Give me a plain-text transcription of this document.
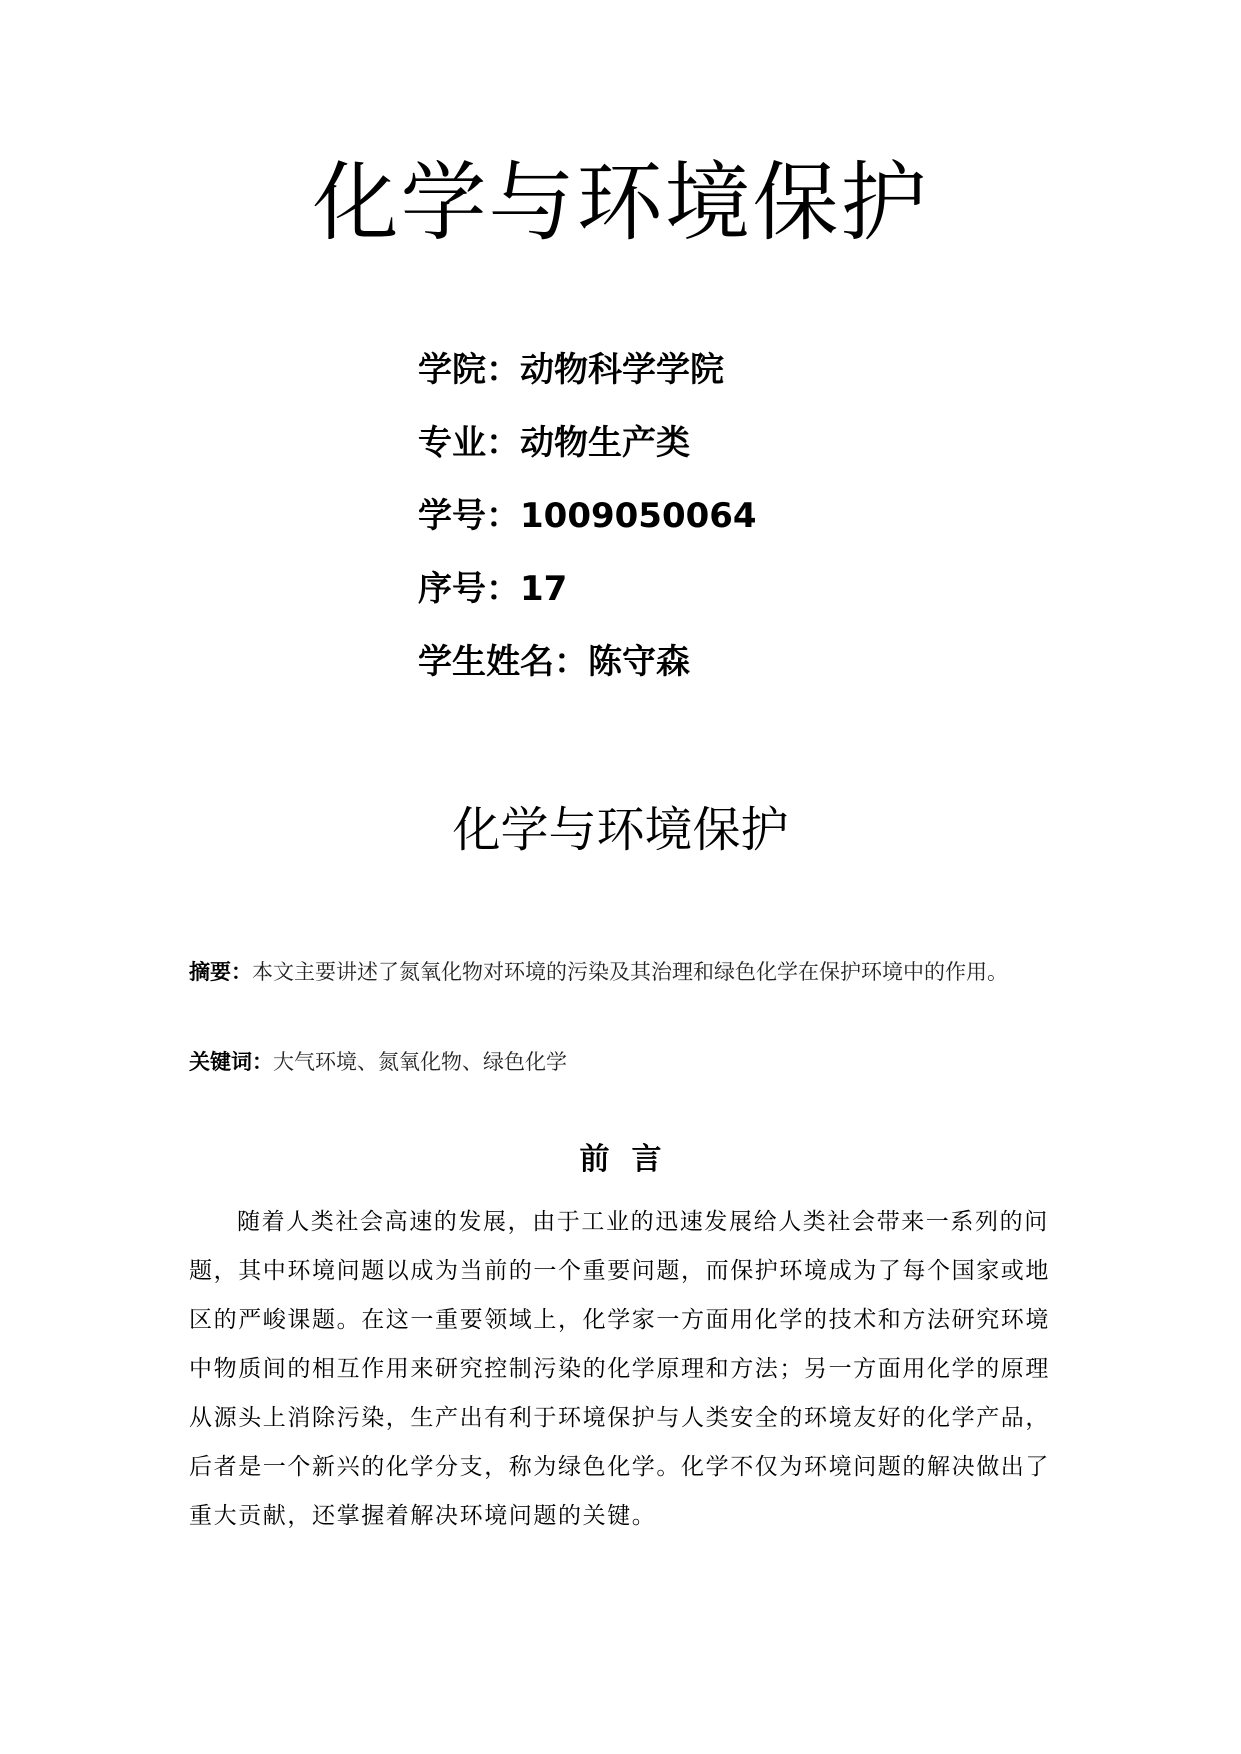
化学与环境保护
学院：动物科学学院
专业：动物生产类
学号：1009050064
序号：17
学生姓名：陈守森
化学与环境保护
摘要：本文主要讲述了氮氧化物对环境的污染及其治理和绿色化学在保护环境中的作用。
关键词：大气环境、氮氧化物、绿色化学
前言
随着人类社会高速的发展，由于工业的迅速发展给人类社会带来一系列的问
题，其中环境问题以成为当前的一个重要问题，而保护环境成为了每个国家或地
区的严峻课题。在这一重要领域上，化学家一方面用化学的技术和方法研究环境
中物质间的相互作用来研究控制污染的化学原理和方法；另一方面用化学的原理
从源头上消除污染，生产出有利于环境保护与人类安全的环境友好的化学产品，
后者是一个新兴的化学分支，称为绿色化学。化学不仅为环境问题的解决做出了
重大贡献，还掌握着解决环境问题的关键。
